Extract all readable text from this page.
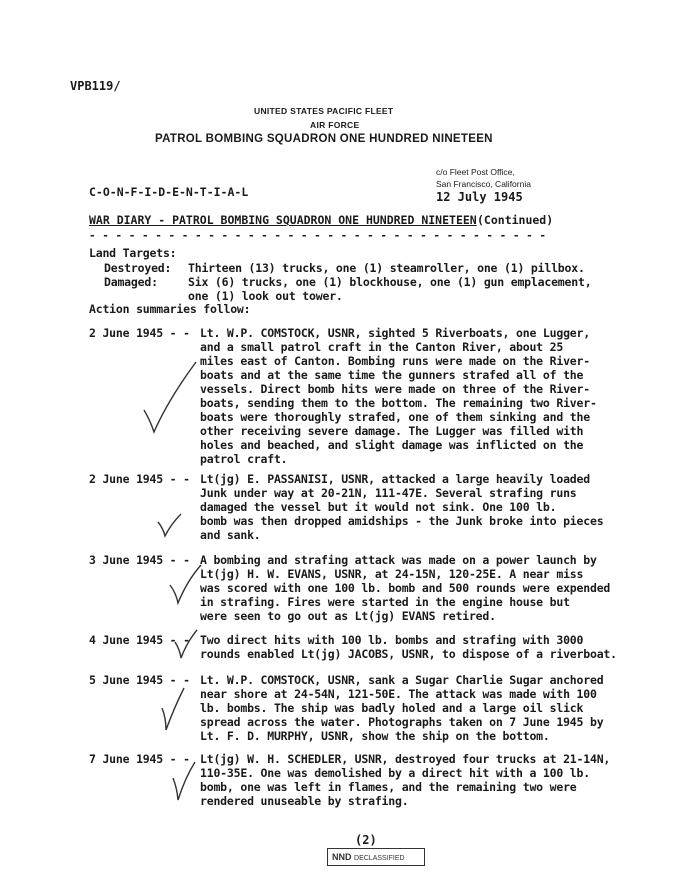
VPB119/
UNITED STATES PACIFIC FLEET
AIR FORCE
PATROL BOMBING SQUADRON ONE HUNDRED NINETEEN
c/o Fleet Post Office,
San Francisco, California
12 July 1945
C-O-N-F-I-D-E-N-T-I-A-L
WAR DIARY - PATROL BOMBING SQUADRON ONE HUNDRED NINETEEN (Continued)
- - - - - - - - - - - - - - - - - - - - - - - - - - - - - - - - - - -
Land Targets:
Destroyed: Thirteen (13) trucks, one (1) steamroller, one (1) pillbox.
Damaged:	Six (6) trucks, one (1) blockhouse, one (1) gun emplacement,
one (1) look out tower.
Action summaries follow:
2 June 1945 - - Lt. W.P. COMSTOCK, USNR, sighted 5 Riverboats, one Lugger,
and a small patrol craft in the Canton River, about 25
miles east of Canton. Bombing runs were made on the River-
boats and at the same time the gunners strafed all of the
vessels. Direct bomb hits were made on three of the River-
boats, sending them to the bottom. The remaining two River-
boats were thoroughly strafed, one of them sinking and the
other receiving severe damage. The Lugger was filled with
holes and beached, and slight damage was inflicted on the
patrol craft.
2 June 1945 - - Lt(jg) E. PASSANISI, USNR, attacked a large heavily loaded
Junk under way at 20-21N, 111-47E. Several strafing runs
damaged the vessel but it would not sink. One 100 lb.
bomb was then dropped amidships - the Junk broke into pieces
and sank.
3 June 1945 - - A bombing and strafing attack was made on a power launch by
Lt(jg) H. W. EVANS, USNR, at 24-15N, 120-25E. A near miss
was scored with one 100 lb. bomb and 500 rounds were expended
in strafing. Fires were started in the engine house but
were seen to go out as Lt(jg) EVANS retired.
4 June 1945 - - Two direct hits with 100 lb. bombs and strafing with 3000
rounds enabled Lt(jg) JACOBS, USNR, to dispose of a riverboat.
5 June 1945 - - Lt. W.P. COMSTOCK, USNR, sank a Sugar Charlie Sugar anchored
near shore at 24-54N, 121-50E. The attack was made with 100
lb. bombs. The ship was badly holed and a large oil slick
spread across the water. Photographs taken on 7 June 1945 by
Lt. F. D. MURPHY, USNR, show the ship on the bottom.
7 June 1945 - - Lt(jg) W. H. SCHEDLER, USNR, destroyed four trucks at 21-14N,
110-35E. One was demolished by a direct hit with a 100 lb.
bomb, one was left in flames, and the remaining two were
rendered unuseable by strafing.
(2)
NND DECLASSIFIED
